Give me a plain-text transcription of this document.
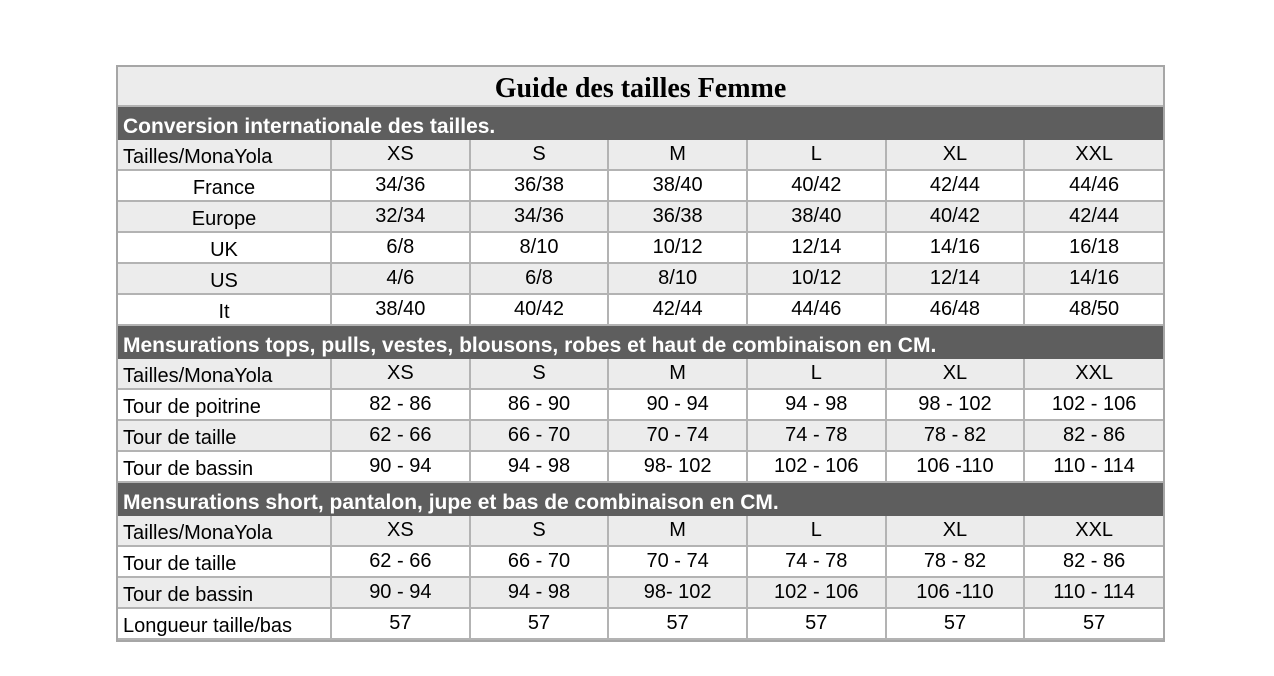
Guide des tailles Femme
Conversion internationale des tailles.
Tailles/MonaYola	XS	S	M	L	XL	XXL
France	34/36	36/38	38/40	40/42	42/44	44/46
Europe	32/34	34/36	36/38	38/40	40/42	42/44
UK	6/8	8/10	10/12	12/14	14/16	16/18
US	4/6	6/8	8/10	10/12	12/14	14/16
It	38/40	40/42	42/44	44/46	46/48	48/50
Mensurations tops, pulls, vestes, blousons, robes et haut de combinaison en CM.
Tailles/MonaYola	XS	S	M	L	XL	XXL
Tour de poitrine	82 - 86	86 - 90	90 - 94	94 - 98	98 - 102	102 - 106
Tour de taille	62 - 66	66 - 70	70 - 74	74 - 78	78 - 82	82 - 86
Tour de bassin	90 - 94	94 - 98	98- 102	102 - 106	106 -110	110 - 114
Mensurations short, pantalon, jupe et bas de combinaison en CM.
Tailles/MonaYola	XS	S	M	L	XL	XXL
Tour de taille	62 - 66	66 - 70	70 - 74	74 - 78	78 - 82	82 - 86
Tour de bassin	90 - 94	94 - 98	98- 102	102 - 106	106 -110	110 - 114
Longueur taille/bas	57	57	57	57	57	57
